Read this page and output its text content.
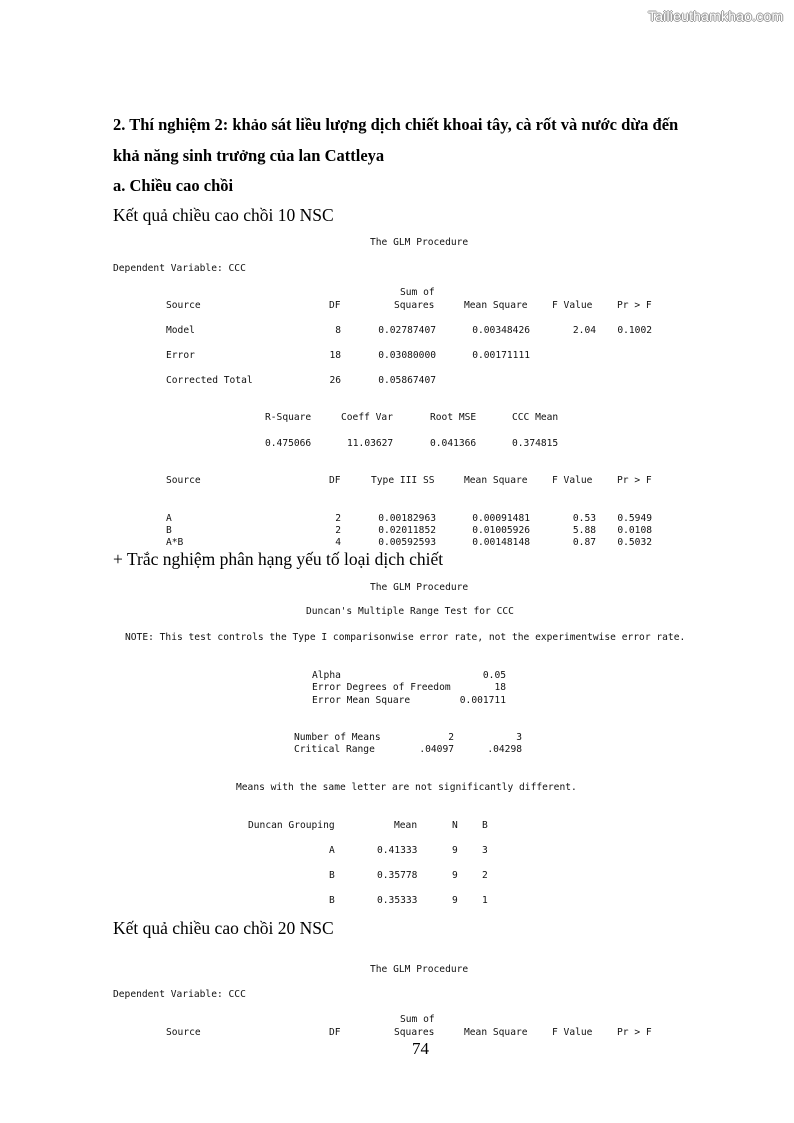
Tailieuthamkhao.com
2. Thí nghiệm 2: khảo sát liều lượng dịch chiết khoai tây, cà rốt và nước dừa đến
khả năng sinh trưởng của lan Cattleya
a. Chiều cao chồi
Kết quả chiều cao chồi 10 NSC
The GLM Procedure
Dependent Variable: CCC
Sum of
Source	DF	Squares	Mean Square	F Value	Pr > F
Model	8	0.02787407	0.00348426	2.04	0.1002
Error	18	0.03080000	0.00171111
Corrected Total	26	0.05867407
R-Square	Coeff Var	Root MSE	CCC Mean
0.475066	11.03627	0.041366	0.374815
Source	DF	Type III SS	Mean Square	F Value	Pr > F
A	2	0.00182963	0.00091481	0.53	0.5949
B	2	0.02011852	0.01005926	5.88	0.0108
A*B	4	0.00592593	0.00148148	0.87	0.5032
+ Trắc nghiệm phân hạng yếu tố loại dịch chiết
The GLM Procedure
Duncan's Multiple Range Test for CCC
NOTE: This test controls the Type I comparisonwise error rate, not the experimentwise error rate.
Alpha	0.05
Error Degrees of Freedom	18
Error Mean Square	0.001711
Number of Means	2	3
Critical Range	.04097	.04298
Means with the same letter are not significantly different.
Duncan Grouping	Mean	N	B
A	0.41333	9	3
B	0.35778	9	2
B	0.35333	9	1
Kết quả chiều cao chồi 20 NSC
The GLM Procedure
Dependent Variable: CCC
Sum of
Source	DF	Squares	Mean Square	F Value	Pr > F
74
